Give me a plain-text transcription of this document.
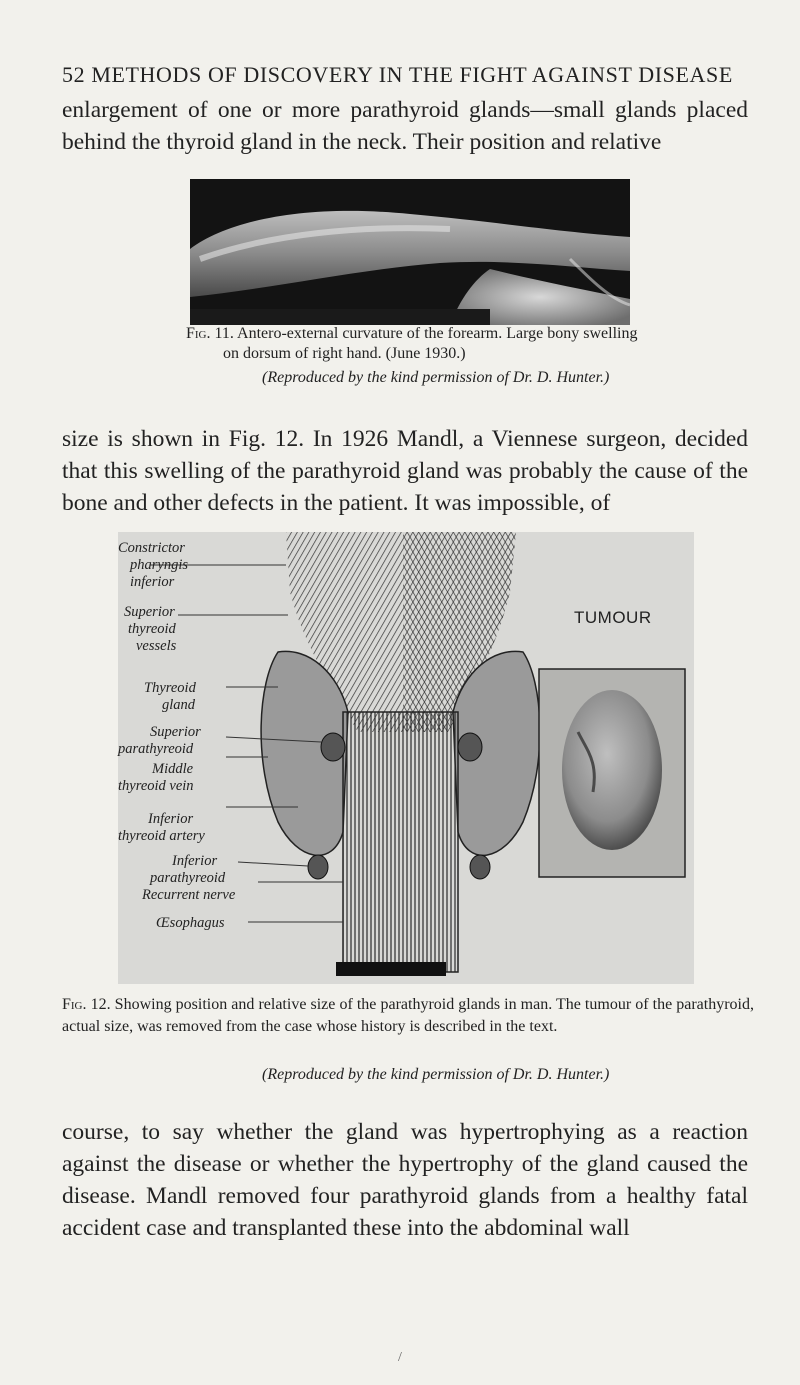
52 METHODS OF DISCOVERY IN THE FIGHT AGAINST DISEASE
enlargement of one or more parathyroid glands—small glands placed behind the thyroid gland in the neck. Their position and relative
Fig. 11. Antero-external curvature of the forearm. Large bony swelling
on dorsum of right hand. (June 1930.)
(Reproduced by the kind permission of Dr. D. Hunter.)
size is shown in Fig. 12. In 1926 Mandl, a Viennese surgeon, decided that this swelling of the parathyroid gland was probably the cause of the bone and other defects in the patient. It was impossible, of
Constrictor
pharyngis
inferior
Superior
thyreoid
vessels
Thyreoid
gland
Superior
parathyreoid
Middle
thyreoid vein
Inferior
thyreoid artery
Inferior
parathyreoid
Recurrent nerve
Œsophagus
TUMOUR
Fig. 12. Showing position and relative size of the parathyroid glands in man. The tumour of the parathyroid, actual size, was removed from the case whose history is described in the text.
(Reproduced by the kind permission of Dr. D. Hunter.)
course, to say whether the gland was hypertrophying as a reaction against the disease or whether the hypertrophy of the gland caused the disease. Mandl removed four parathyroid glands from a healthy fatal accident case and transplanted these into the abdominal wall
/
